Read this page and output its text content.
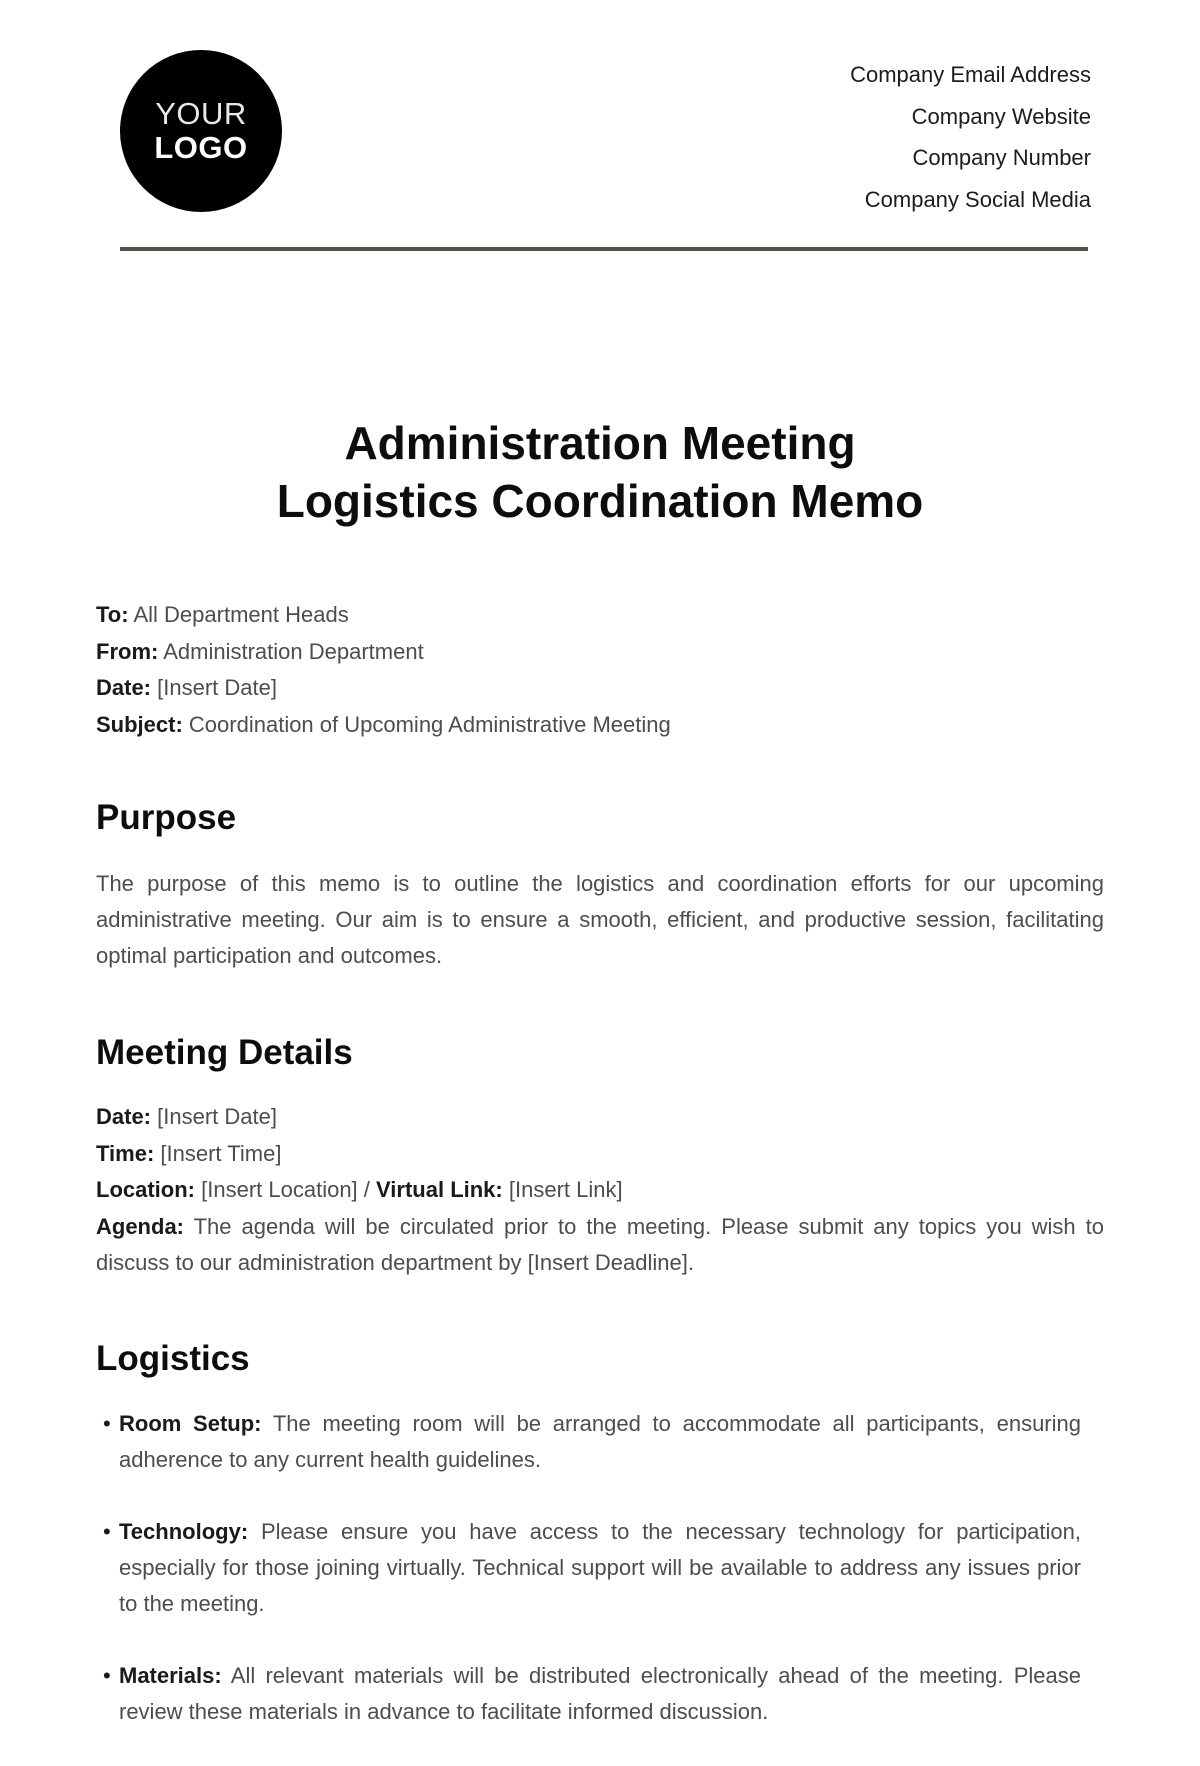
YOUR
LOGO
Company Email Address
Company Website
Company Number
Company Social Media
Administration Meeting
Logistics Coordination Memo
To: All Department Heads
From: Administration Department
Date: [Insert Date]
Subject: Coordination of Upcoming Administrative Meeting
Purpose

The purpose of this memo is to outline the logistics and coordination efforts for our upcoming administrative meeting. Our aim is to ensure a smooth, efficient, and productive session, facilitating optimal participation and outcomes.

Meeting Details
Date: [Insert Date]
Time: [Insert Time]
Location: [Insert Location] / Virtual Link: [Insert Link]
Agenda: The agenda will be circulated prior to the meeting. Please submit any topics you wish to discuss to our administration department by [Insert Deadline].
Logistics
• Room Setup: The meeting room will be arranged to accommodate all participants, ensuring adherence to any current health guidelines.
• Technology: Please ensure you have access to the necessary technology for participation, especially for those joining virtually. Technical support will be available to address any issues prior to the meeting.
• Materials: All relevant materials will be distributed electronically ahead of the meeting. Please review these materials in advance to facilitate informed discussion.
